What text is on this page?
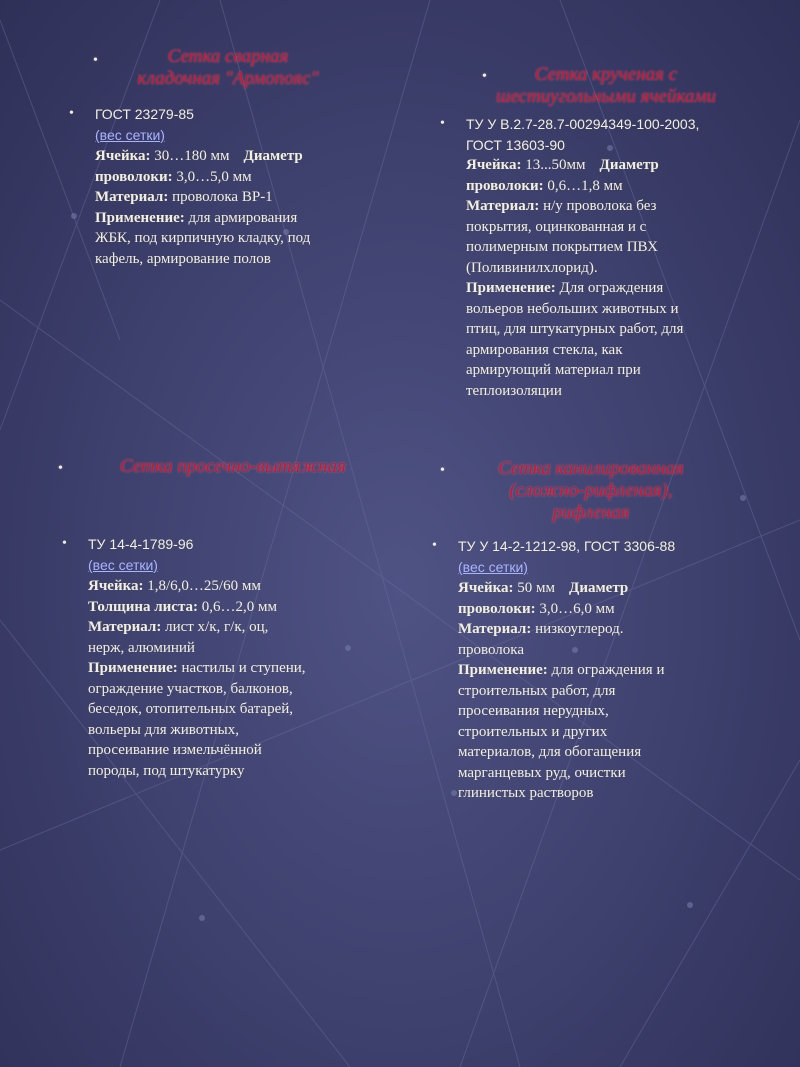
•	Сетка сварная
кладочная "Армопояс"
• ГОСТ 23279-85
(вес сетки)
Ячейка: 30…180 мм Диаметр
проволоки: 3,0…5,0 мм
Материал: проволока ВР-1
Применение: для армирования
ЖБК, под кирпичную кладку, под
кафель, армирование полов
•	Сетка крученая с
шестиугольными ячейками
• ТУ У В.2.7-28.7-00294349-100-2003,
ГОСТ 13603-90
Ячейка: 13...50мм Диаметр
проволоки: 0,6…1,8 мм
Материал: н/у проволока без
покрытия, оцинкованная и с
полимерным покрытием ПВХ
(Поливинилхлорид).
Применение: Для ограждения
вольеров небольших животных и
птиц, для штукатурных работ, для
армирования стекла, как
армирующий материал при
теплоизоляции
•	Сетка просечно-вытяжная
• ТУ 14-4-1789-96
(вес сетки)
Ячейка: 1,8/6,0…25/60 мм
Толщина листа: 0,6…2,0 мм
Материал: лист х/к, г/к, оц,
нерж, алюминий
Применение: настилы и ступени,
ограждение участков, балконов,
беседок, отопительных батарей,
вольеры для животных,
просеивание измельчённой
породы, под штукатурку
•	Сетка канилированная
(сложно-рифленая),
рифленая
• ТУ У 14-2-1212-98, ГОСТ 3306-88
(вес сетки)
Ячейка: 50 мм Диаметр
проволоки: 3,0…6,0 мм
Материал: низкоуглерод.
проволока
Применение: для ограждения и
строительных работ, для
просеивания нерудных,
строительных и других
материалов, для обогащения
марганцевых руд, очистки
глинистых растворов
